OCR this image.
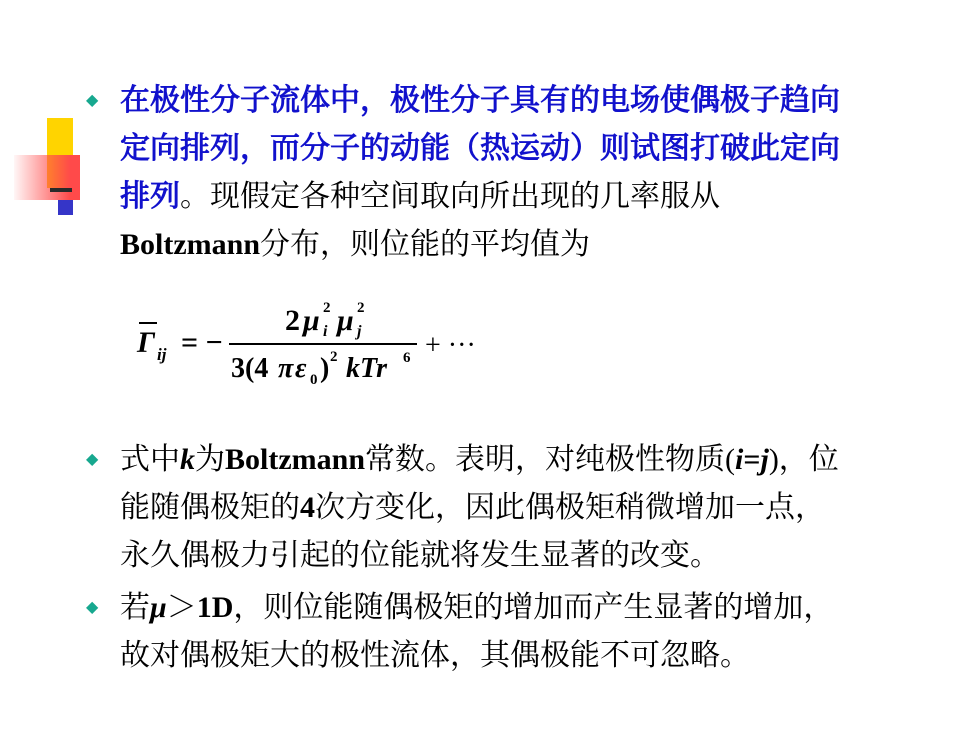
◆
◆
◆
在极性分子流体中，极性分子具有的电场使偶极子趋向
定向排列，而分子的动能（热运动）则试图打破此定向
排列。现假定各种空间取向所出现的几率服从
Boltzmann分布，则位能的平均值为
Γ ij = −
2 μ 2
i μ 2
j
3(4 π ε 0 ) 2 kTr 6 + ···
式中k为Boltzmann常数。表明，对纯极性物质(i=j)，位
能随偶极矩的4次方变化，因此偶极矩稍微增加一点，
永久偶极力引起的位能就将发生显著的改变。
若μ＞1D，则位能随偶极矩的增加而产生显著的增加，
故对偶极矩大的极性流体，其偶极能不可忽略。
